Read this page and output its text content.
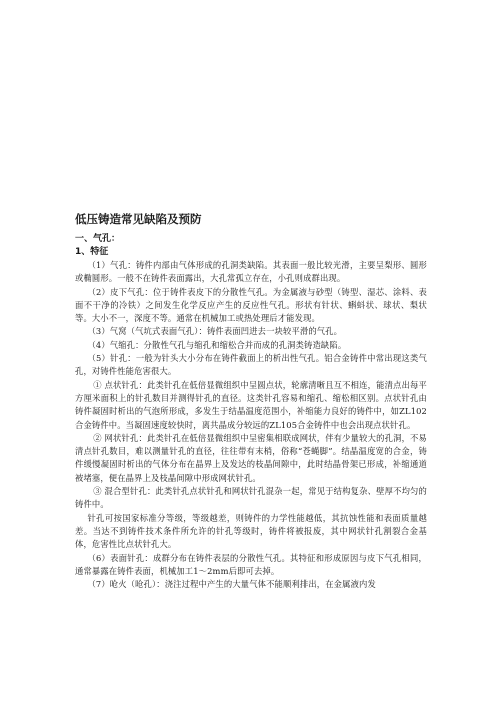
低压铸造常见缺陷及预防
一、气孔：
1、特征

（1）气孔：铸件内部由气体形成的孔洞类缺陷。其表面一般比较光滑，主要呈梨形、圆形或椭圆形。一般不在铸件表面露出，大孔常孤立存在，小孔则成群出现。

（2）皮下气孔：位于铸件表皮下的分散性气孔。为金属液与砂型（铸型、湿芯、涂料、表面不干净的冷铁）之间发生化学反应产生的反应性气孔。形状有针状、蝌蚪状、球状、梨状等。大小不一，深度不等。通常在机械加工或热处理后才能发现。

（3）气窝（气坑式表面气孔）：铸件表面凹进去一块较平滑的气孔。

（4）气缩孔：分散性气孔与缩孔和缩松合并而成的孔洞类铸造缺陷。

（5）针孔：一般为针头大小分布在铸件截面上的析出性气孔。铝合金铸件中常出现这类气孔，对铸件性能危害很大。

① 点状针孔：此类针孔在低倍显微组织中呈圆点状，轮廓清晰且互不相连，能清点出每平方厘米面积上的针孔数目并测得针孔的直径。这类针孔容易和缩孔、缩松相区别。点状针孔由铸件凝固时析出的气泡所形成，多发生于结晶温度范围小，补缩能力良好的铸件中，如ZL102合金铸件中。当凝固速度较快时，离共晶成分较远的ZL105合金铸件中也会出现点状针孔。

② 网状针孔：此类针孔在低倍显微组织中呈密集相联成网状，伴有少量较大的孔洞，不易清点针孔数目，难以测量针孔的直径，往往带有末梢，俗称“苍蝇脚”。结晶温度宽的合金，铸件缓慢凝固时析出的气体分布在晶界上及发达的枝晶间隙中，此时结晶骨架已形成，补缩通道被堵塞，便在晶界上及枝晶间隙中形成网状针孔。

③ 混合型针孔：此类针孔点状针孔和网状针孔混杂一起，常见于结构复杂、壁厚不均匀的铸件中。

针孔可按国家标准分等级，等级越差，则铸件的力学性能越低，其抗蚀性能和表面质量越差。当达不到铸件技术条件所允许的针孔等级时，铸件将被报废，其中网状针孔割裂合金基体，危害性比点状针孔大。

（6）表面针孔：成群分布在铸件表层的分散性气孔。其特征和形成原因与皮下气孔相同，通常暴露在铸件表面，机械加工1～2mm后即可去掉。

（7）呛火（呛孔）：浇注过程中产生的大量气体不能顺利排出，在金属液内发
